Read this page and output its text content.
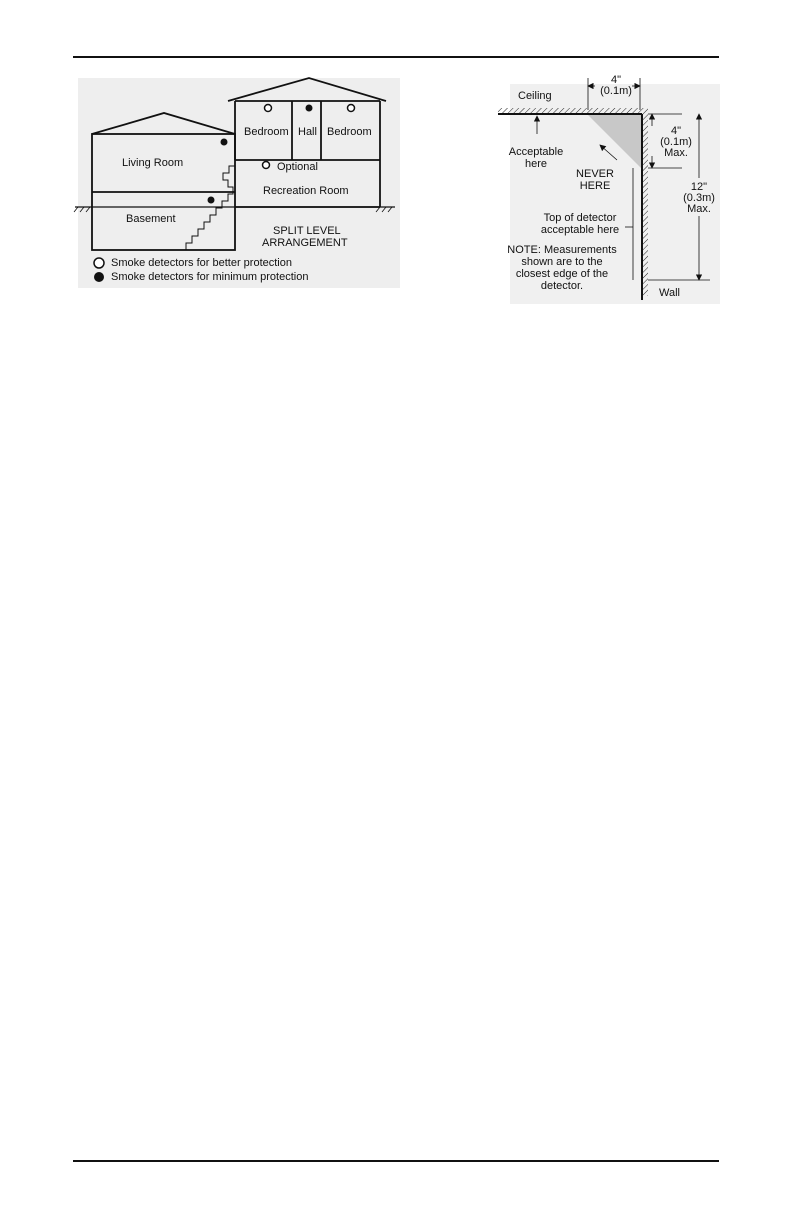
Living Room
Bedroom Hall Bedroom
Optional
Recreation Room
Basement
SPLIT LEVEL
ARRANGEMENT
Smoke detectors for better protection
Smoke detectors for minimum protection
Ceiling
Wall
4"
(0.1m)
4"
(0.1m)
Max.
12"
(0.3m)
Max.
Acceptable
here
NEVER
HERE
Top of detector
acceptable here
NOTE: Measurements
shown are to the
closest edge of the
detector.
